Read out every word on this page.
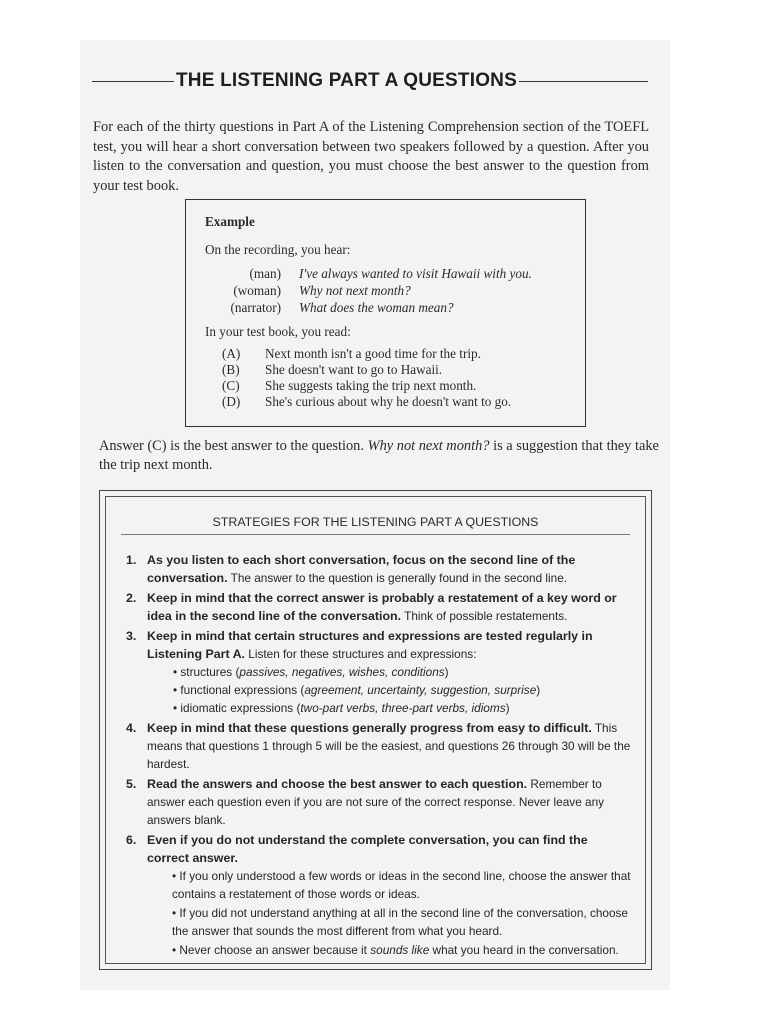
THE LISTENING PART A QUESTIONS

For each of the thirty questions in Part A of the Listening Comprehension section of the TOEFL test, you will hear a short conversation between two speakers followed by a question. After you listen to the conversation and question, you must choose the best answer to the question from your test book.

Example
On the recording, you hear:
(man)	I've always wanted to visit Hawaii with you.
(woman)	Why not next month?
(narrator)	What does the woman mean?
In your test book, you read:
(A)	Next month isn't a good time for the trip.
(B)	She doesn't want to go to Hawaii.
(C)	She suggests taking the trip next month.
(D)	She's curious about why he doesn't want to go.

Answer (C) is the best answer to the question. Why not next month? is a suggestion that they take the trip next month.

STRATEGIES FOR THE LISTENING PART A QUESTIONS
1. As you listen to each short conversation, focus on the second line of the conversation. The answer to the question is generally found in the second line.
2. Keep in mind that the correct answer is probably a restatement of a key word or idea in the second line of the conversation. Think of possible restatements.
3. Keep in mind that certain structures and expressions are tested regularly in Listening Part A. Listen for these structures and expressions:
• structures (passives, negatives, wishes, conditions)
• functional expressions (agreement, uncertainty, suggestion, surprise)
• idiomatic expressions (two-part verbs, three-part verbs, idioms)
4. Keep in mind that these questions generally progress from easy to difficult. This means that questions 1 through 5 will be the easiest, and questions 26 through 30 will be the hardest.
5. Read the answers and choose the best answer to each question. Remember to answer each question even if you are not sure of the correct response. Never leave any answers blank.
6. Even if you do not understand the complete conversation, you can find the correct answer.
• If you only understood a few words or ideas in the second line, choose the answer that contains a restatement of those words or ideas.
• If you did not understand anything at all in the second line of the conversation, choose the answer that sounds the most different from what you heard.
• Never choose an answer because it sounds like what you heard in the conversation.
